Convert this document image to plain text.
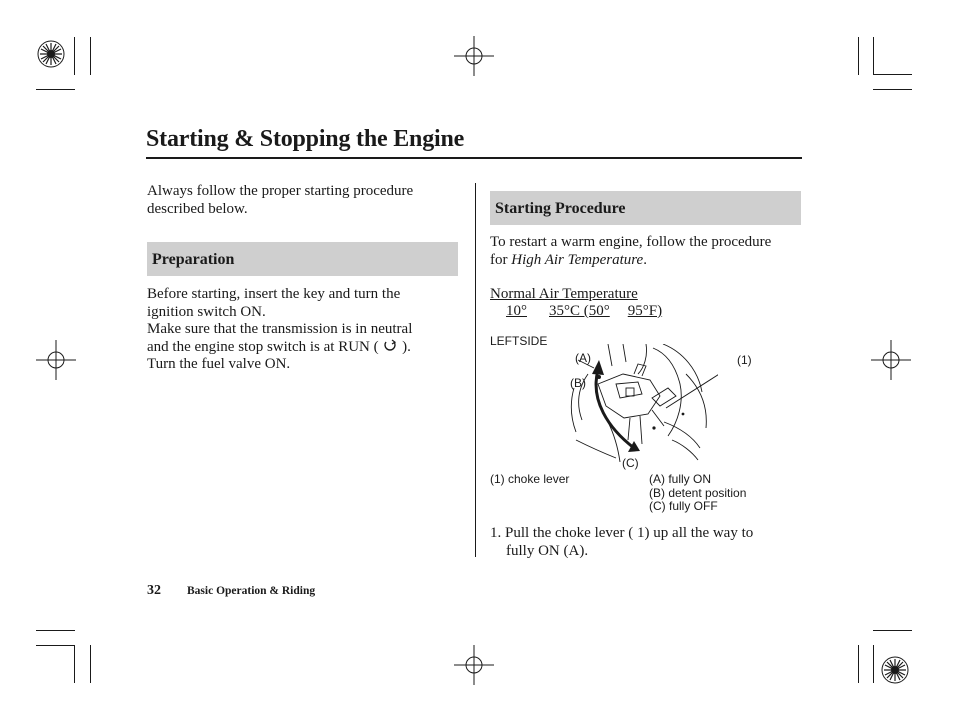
Starting & Stopping the Engine
Always follow the proper starting procedure
described below.
Preparation
Before starting, insert the key and turn the
ignition switch ON.
Make sure that the transmission is in neutral
and the engine stop switch is at RUN ( ).
Turn the fuel valve ON.
Starting Procedure
To restart a warm engine, follow the procedure
for High Air Temperature.
Normal Air Temperature
10° 35°C (50° 95°F)
LEFTSIDE
(A)
(B)
(C)
(1)
(1) choke lever	(A) fully ON
(B) detent position
(C) fully OFF
1. Pull the choke lever ( 1) up all the way to
fully ON (A).
32 Basic Operation & Riding
